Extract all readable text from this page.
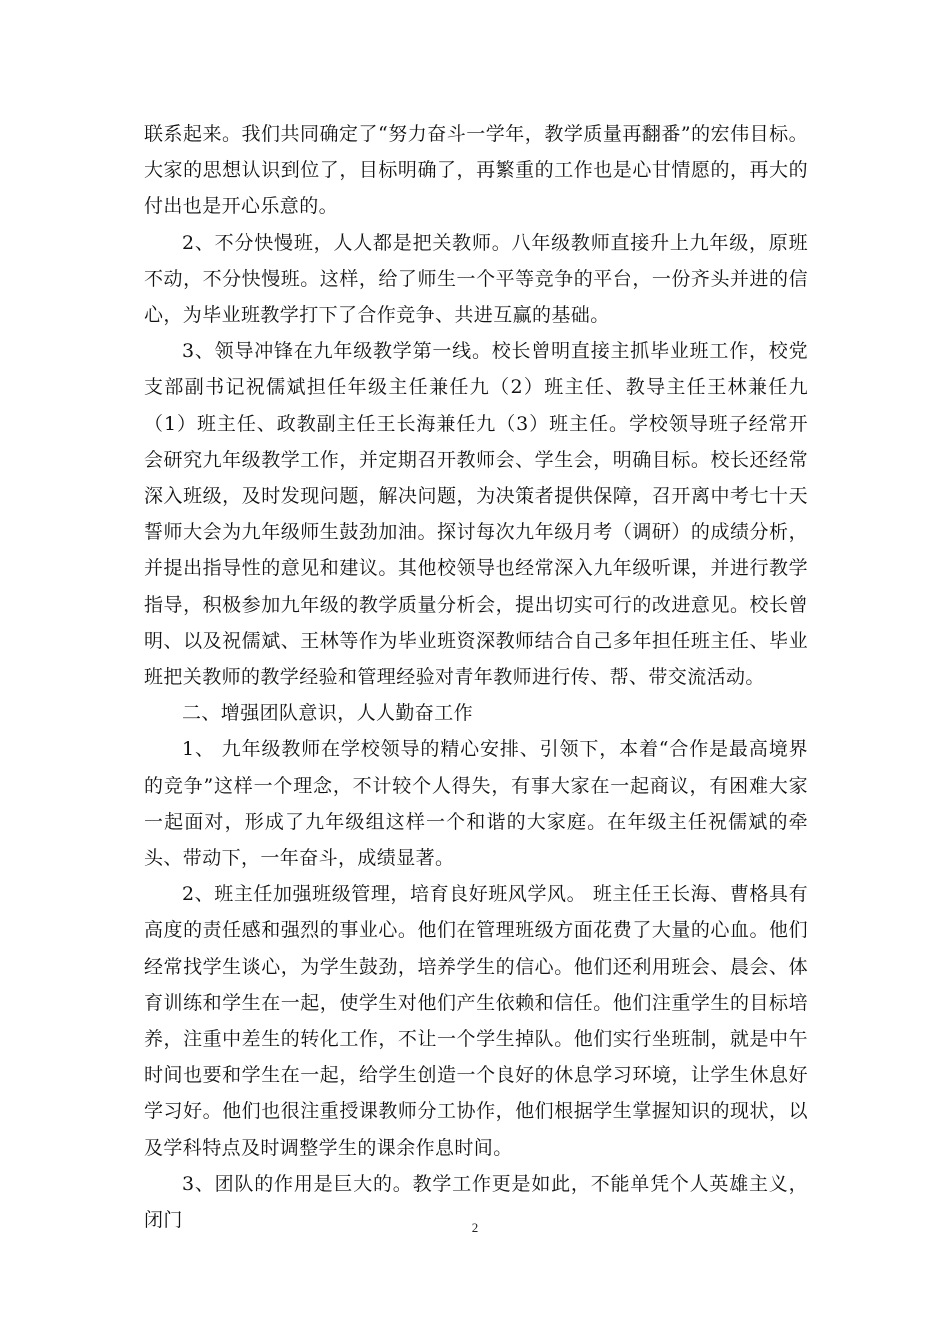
联系起来。我们共同确定了“努力奋斗一学年，教学质量再翻番”的宏伟目标。大家的思想认识到位了，目标明确了，再繁重的工作也是心甘情愿的，再大的付出也是开心乐意的。

2、不分快慢班，人人都是把关教师。八年级教师直接升上九年级，原班不动，不分快慢班。这样，给了师生一个平等竞争的平台，一份齐头并进的信心，为毕业班教学打下了合作竞争、共进互赢的基础。

3、领导冲锋在九年级教学第一线。校长曾明直接主抓毕业班工作，校党支部副书记祝儒斌担任年级主任兼任九（2）班主任、教导主任王林兼任九（1）班主任、政教副主任王长海兼任九（3）班主任。学校领导班子经常开会研究九年级教学工作，并定期召开教师会、学生会，明确目标。校长还经常深入班级，及时发现问题，解决问题，为决策者提供保障，召开离中考七十天誓师大会为九年级师生鼓劲加油。探讨每次九年级月考（调研）的成绩分析，并提出指导性的意见和建议。其他校领导也经常深入九年级听课，并进行教学指导，积极参加九年级的教学质量分析会，提出切实可行的改进意见。校长曾明、以及祝儒斌、王林等作为毕业班资深教师结合自己多年担任班主任、毕业班把关教师的教学经验和管理经验对青年教师进行传、帮、带交流活动。

二、增强团队意识，人人勤奋工作

1、 九年级教师在学校领导的精心安排、引领下，本着“合作是最高境界的竞争”这样一个理念，不计较个人得失，有事大家在一起商议，有困难大家一起面对，形成了九年级组这样一个和谐的大家庭。在年级主任祝儒斌的牵头、带动下，一年奋斗，成绩显著。

2、班主任加强班级管理，培育良好班风学风。 班主任王长海、曹格具有高度的责任感和强烈的事业心。他们在管理班级方面花费了大量的心血。他们经常找学生谈心，为学生鼓劲，培养学生的信心。他们还利用班会、晨会、体育训练和学生在一起，使学生对他们产生依赖和信任。他们注重学生的目标培养，注重中差生的转化工作，不让一个学生掉队。他们实行坐班制，就是中午时间也要和学生在一起，给学生创造一个良好的休息学习环境，让学生休息好学习好。他们也很注重授课教师分工协作，他们根据学生掌握知识的现状，以及学科特点及时调整学生的课余作息时间。

3、团队的作用是巨大的。教学工作更是如此，不能单凭个人英雄主义，闭门	2
